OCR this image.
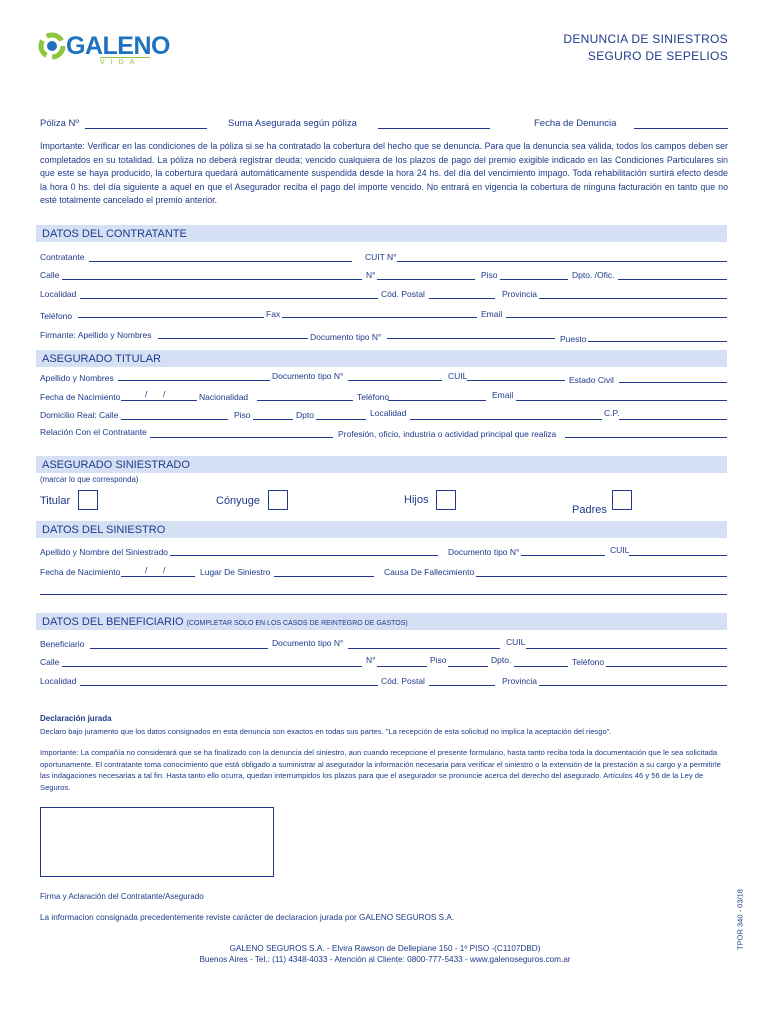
GALENO
VIDA
DENUNCIA DE SINIESTROS
SEGURO DE SEPELIOS
Póliza Nº	Suma Asegurada según póliza	Fecha de Denuncia
Importante: Verificar en las condiciones de la póliza si se ha contratado la cobertura del hecho que se denuncia. Para que la denuncia sea válida, todos los campos deben ser completados en su totalidad. La póliza no deberá registrar deuda; vencido cualquiera de los plazos de pago del premio exigible indicado en las Condiciones Particulares sin que este se haya producido, la cobertura quedará automáticamente suspendida desde la hora 24 hs. del día del vencimiento impago. Toda rehabilitación surtirá efecto desde la hora 0 hs. del día siguiente a aquel en que el Asegurador reciba el pago del importe vencido. No entrará en vigencia la cobertura de ninguna facturación en tanto que no esté totalmente cancelado el premio anterior.
DATOS DEL CONTRATANTE
Contratante	CUIT N°
Calle	N°	Piso	Dpto. /Ofic.
Localidad	Cód. Postal	Provincia
Teléfono	Fax	Email
Firmante: Apellido y Nombres	Documento tipo N°	Puesto
ASEGURADO TITULAR
Apellido y Nombres	Documento tipo N°	CUIL	Estado Civil
Fecha de Nacimiento	/ /	Nacionalidad	Teléfono	Email
Domicilio Real: Calle	Piso	Dpto	Localidad	C.P.
Relación Con el Contratante	Profesión, oficio, industria o actividad principal que realiza
ASEGURADO SINIESTRADO
(marcar lo que corresponda)
Titular	Cónyuge	Hijos
Padres
DATOS DEL SINIESTRO
Apellido y Nombre del Siniestrado	Documento tipo N°	CUIL
Fecha de Nacimiento	/ /	Lugar De Siniestro	Causa De Fallecimiento
DATOS DEL BENEFICIARIO (COMPLETAR SOLO EN LOS CASOS DE REINTEGRO DE GASTOS)
Beneficiario	Documento tipo N°	CUIL
Calle	N°	Piso	Dpto.	Teléfono
Localidad	Cód. Postal	Provincia
Declaración jurada
Declaro bajo juramento que los datos consignados en esta denuncia son exactos en todas sus partes. "La recepción de esta solicitud no implica la aceptación del riesgo".
Importante: La compañía no considerará que se ha finalizado con la denuncia del siniestro, aun cuando recepcione el presente formulario, hasta tanto reciba toda la documentación que le sea solicitada oportunamente. El contratante toma conocimiento que está obligado a suministrar al asegurador la información necesaria para verificar el siniestro o la extensión de la prestación a su cargo y a permitirle las indagaciones necesarias a tal fin. Hasta tanto ello ocurra, quedan interrumpidos los plazos para que el asegurador se pronuncie acerca del derecho del asegurado. Artículos 46 y 56 de la Ley de Seguros.
Firma y Aclaración del Contratante/Asegurado
La informacion consignada precedentemente reviste carácter de declaracion jurada por GALENO SEGUROS S.A.
GALENO SEGUROS S.A. - Elvira Rawson de Dellepiane 150 - 1º PISO -(C1107DBD)
Buenos Aires - Tel.: (11) 4348-4033 - Atención al Cliente: 0800-777-5433 - www.galenoseguros.com.ar
TPOR 340 - 03/18
